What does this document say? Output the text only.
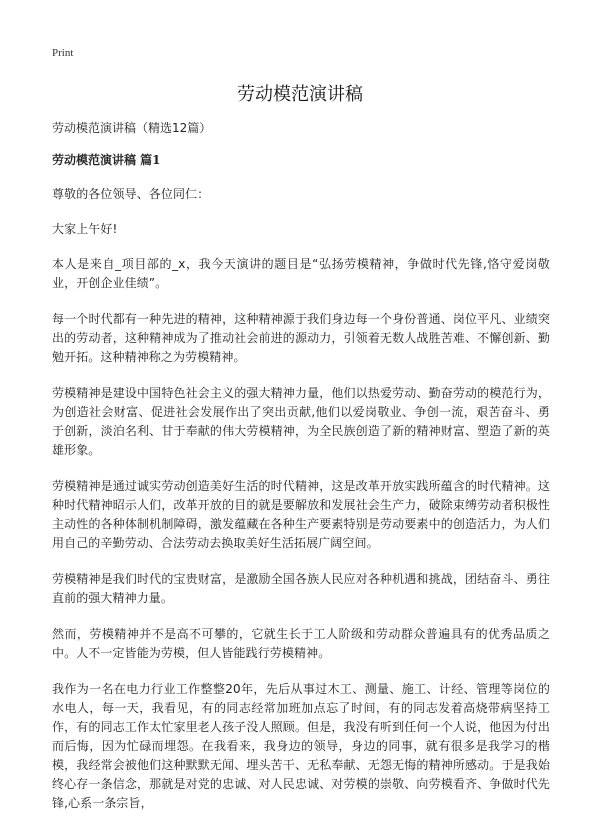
Print
劳动模范演讲稿

劳动模范演讲稿（精选12篇）

劳动模范演讲稿 篇1

尊敬的各位领导、各位同仁：

大家上午好!

本人是来自_项目部的_x，我今天演讲的题目是“弘扬劳模精神，争做时代先锋,恪守爱岗敬业，开创企业佳绩”。

每一个时代都有一种先进的精神，这种精神源于我们身边每一个身份普通、岗位平凡、业绩突出的劳动者，这种精神成为了推动社会前进的源动力，引领着无数人战胜苦难、不懈创新、勤勉开拓。这种精神称之为劳模精神。

劳模精神是建设中国特色社会主义的强大精神力量，他们以热爱劳动、勤奋劳动的模范行为，为创造社会财富、促进社会发展作出了突出贡献,他们以爱岗敬业、争创一流，艰苦奋斗、勇于创新，淡泊名利、甘于奉献的伟大劳模精神，为全民族创造了新的精神财富、塑造了新的英雄形象。

劳模精神是通过诚实劳动创造美好生活的时代精神，这是改革开放实践所蕴含的时代精神。这种时代精神昭示人们，改革开放的目的就是要解放和发展社会生产力，破除束缚劳动者积极性主动性的各种体制机制障碍，激发蕴藏在各种生产要素特别是劳动要素中的创造活力，为人们用自己的辛勤劳动、合法劳动去换取美好生活拓展广阔空间。

劳模精神是我们时代的宝贵财富，是激励全国各族人民应对各种机遇和挑战，团结奋斗、勇往直前的强大精神力量。

然而，劳模精神并不是高不可攀的，它就生长于工人阶级和劳动群众普遍具有的优秀品质之中。人不一定皆能为劳模，但人皆能践行劳模精神。

我作为一名在电力行业工作整整20年，先后从事过木工、测量、施工、计经、管理等岗位的水电人，每一天，我看见，有的同志经常加班加点忘了时间，有的同志发着高烧带病坚持工作，有的同志工作太忙家里老人孩子没人照顾。但是，我没有听到任何一个人说，他因为付出而后悔，因为忙碌而埋怨。在我看来，我身边的领导，身边的同事，就有很多是我学习的楷模，我经常会被他们这种默默无闻、埋头苦干、无私奉献、无怨无悔的精神所感动。于是我始终心存一条信念，那就是对党的忠诚、对人民忠诚、对劳模的崇敬、向劳模看齐、争做时代先锋,心系一条宗旨，
